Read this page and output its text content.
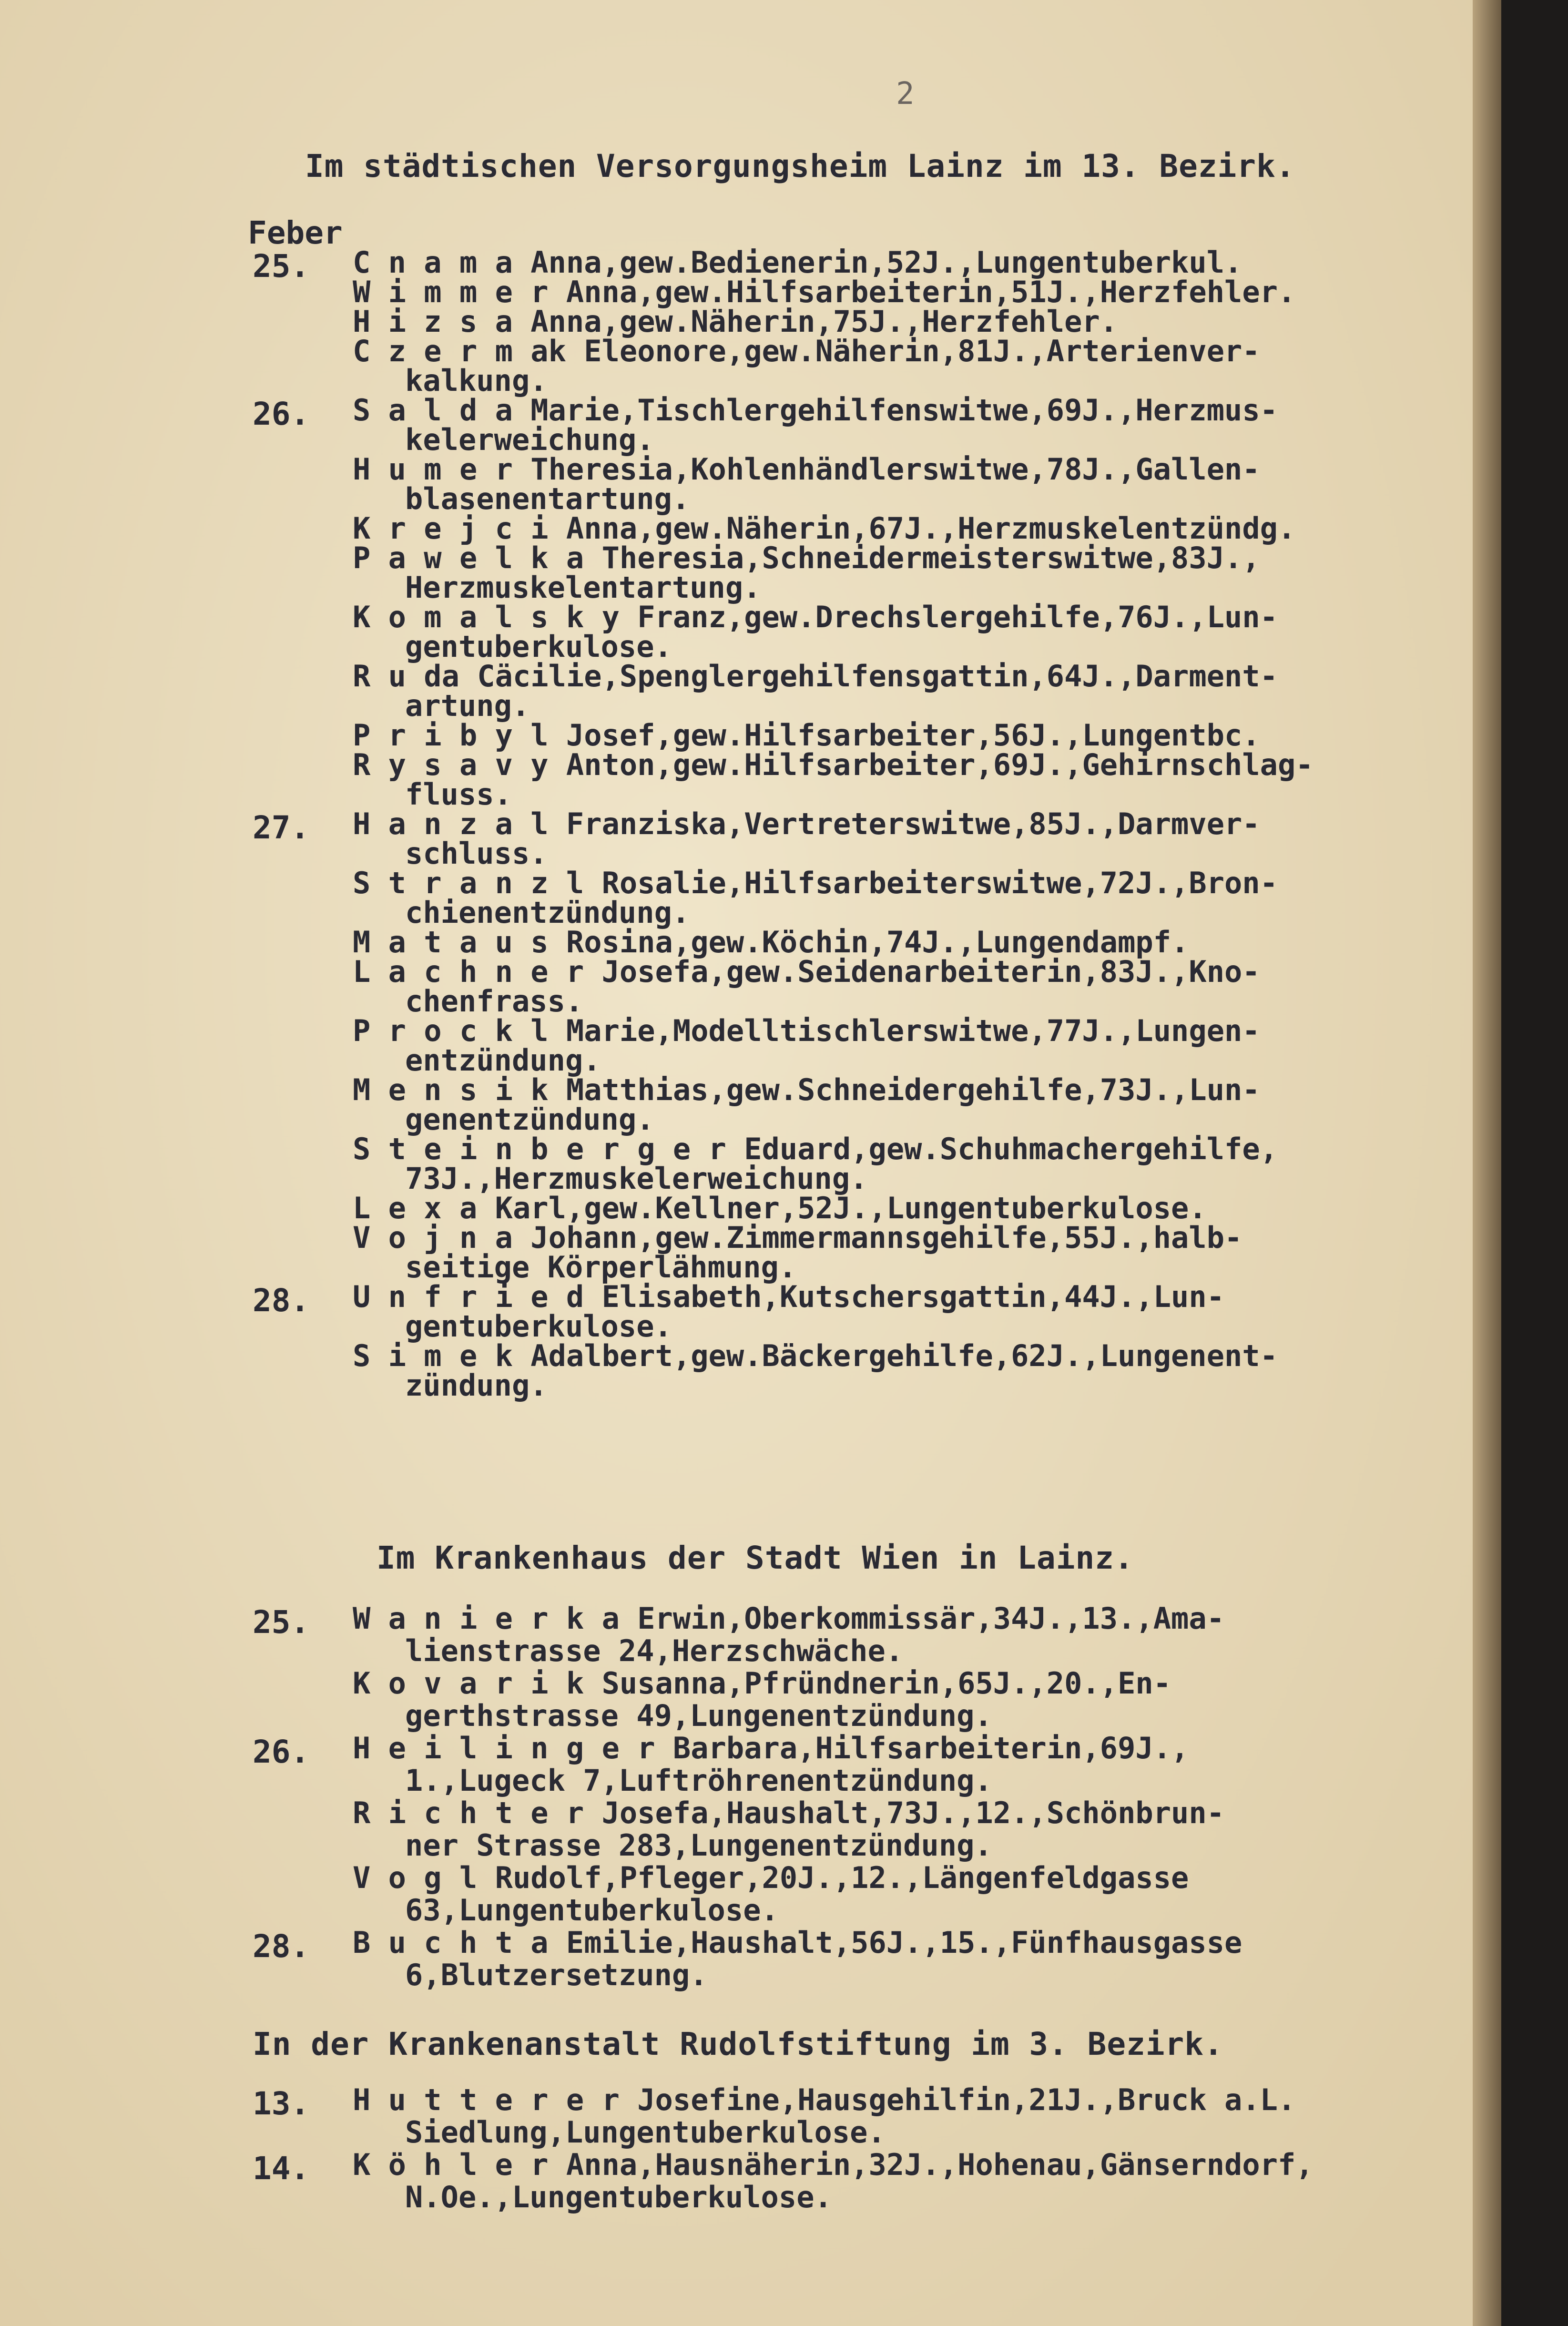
2
Im städtischen Versorgungsheim Lainz im 13. Bezirk.
Feber
25. C n a m a Anna,gew.Bedienerin,52J.,Lungentuberkul.
W i m m e r Anna,gew.Hilfsarbeiterin,51J.,Herzfehler.
H i z s a Anna,gew.Näherin,75J.,Herzfehler.
C z e r m ak Eleonore,gew.Näherin,81J.,Arterienver-
kalkung.
26. S a l d a Marie,Tischlergehilfenswitwe,69J.,Herzmus-
kelerweichung.
H u m e r Theresia,Kohlenhändlerswitwe,78J.,Gallen-
blasenentartung.
K r e j c i Anna,gew.Näherin,67J.,Herzmuskelentzündg.
P a w e l k a Theresia,Schneidermeisterswitwe,83J.,
Herzmuskelentartung.
K o m a l s k y Franz,gew.Drechslergehilfe,76J.,Lun-
gentuberkulose.
R u da Cäcilie,Spenglergehilfensgattin,64J.,Darment-
artung.
P r i b y l Josef,gew.Hilfsarbeiter,56J.,Lungentbc.
R y s a v y Anton,gew.Hilfsarbeiter,69J.,Gehirnschlag-
fluss.
27. H a n z a l Franziska,Vertreterswitwe,85J.,Darmver-
schluss.
S t r a n z l Rosalie,Hilfsarbeiterswitwe,72J.,Bron-
chienentzündung.
M a t a u s Rosina,gew.Köchin,74J.,Lungendampf.
L a c h n e r Josefa,gew.Seidenarbeiterin,83J.,Kno-
chenfrass.
P r o c k l Marie,Modelltischlerswitwe,77J.,Lungen-
entzündung.
M e n s i k Matthias,gew.Schneidergehilfe,73J.,Lun-
genentzündung.
S t e i n b e r g e r Eduard,gew.Schuhmachergehilfe,
73J.,Herzmuskelerweichung.
L e x a Karl,gew.Kellner,52J.,Lungentuberkulose.
V o j n a Johann,gew.Zimmermannsgehilfe,55J.,halb-
seitige Körperlähmung.
28. U n f r i e d Elisabeth,Kutschersgattin,44J.,Lun-
gentuberkulose.
S i m e k Adalbert,gew.Bäckergehilfe,62J.,Lungenent-
zündung.
Im Krankenhaus der Stadt Wien in Lainz.
25. W a n i e r k a Erwin,Oberkommissär,34J.,13.,Ama-
lienstrasse 24,Herzschwäche.
K o v a r i k Susanna,Pfründnerin,65J.,20.,En-
gerthstrasse 49,Lungenentzündung.
26. H e i l i n g e r Barbara,Hilfsarbeiterin,69J.,
1.,Lugeck 7,Luftröhrenentzündung.
R i c h t e r Josefa,Haushalt,73J.,12.,Schönbrun-
ner Strasse 283,Lungenentzündung.
V o g l Rudolf,Pfleger,20J.,12.,Längenfeldgasse
63,Lungentuberkulose.
28. B u c h t a Emilie,Haushalt,56J.,15.,Fünfhausgasse
6,Blutzersetzung.
In der Krankenanstalt Rudolfstiftung im 3. Bezirk.
13. H u t t e r e r Josefine,Hausgehilfin,21J.,Bruck a.L.
Siedlung,Lungentuberkulose.
14. K ö h l e r Anna,Hausnäherin,32J.,Hohenau,Gänserndorf,
N.Oe.,Lungentuberkulose.
